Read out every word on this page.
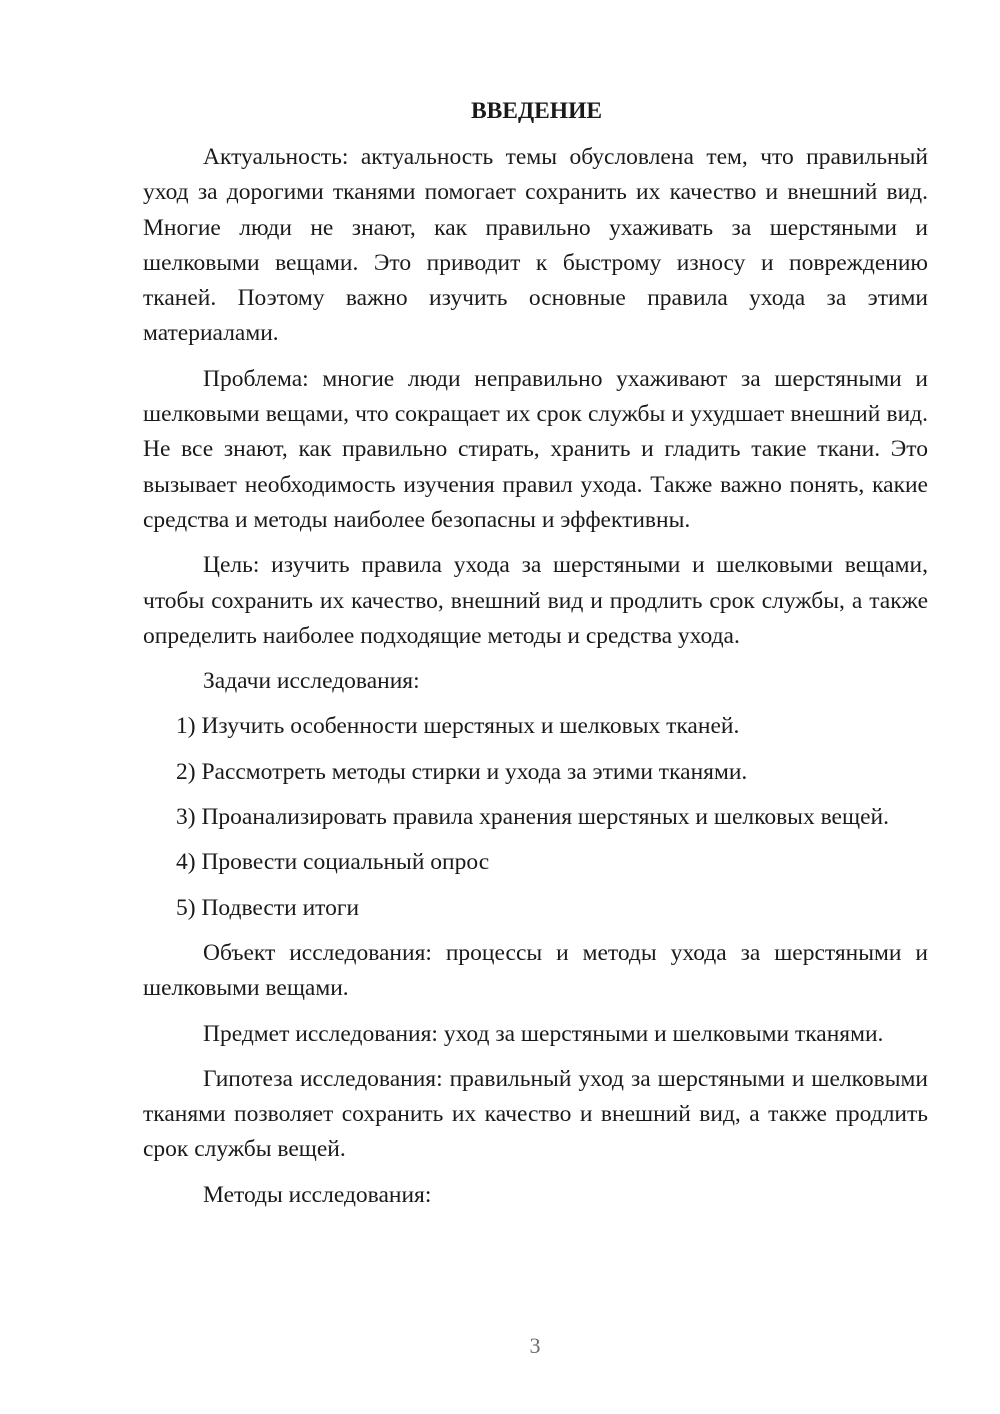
ВВЕДЕНИЕ

Актуальность: актуальность темы обусловлена тем, что правильный уход за дорогими тканями помогает сохранить их качество и внешний вид. Многие люди не знают, как правильно ухаживать за шерстяными и шелковыми вещами. Это приводит к быстрому износу и повреждению тканей. Поэтому важно изучить основные правила ухода за этими материалами.

Проблема: многие люди неправильно ухаживают за шерстяными и шелковыми вещами, что сокращает их срок службы и ухудшает внешний вид. Не все знают, как правильно стирать, хранить и гладить такие ткани. Это вызывает необходимость изучения правил ухода. Также важно понять, какие средства и методы наиболее безопасны и эффективны.

Цель: изучить правила ухода за шерстяными и шелковыми вещами, чтобы сохранить их качество, внешний вид и продлить срок службы, а также определить наиболее подходящие методы и средства ухода.

Задачи исследования:

1) Изучить особенности шерстяных и шелковых тканей.

2) Рассмотреть методы стирки и ухода за этими тканями.

3) Проанализировать правила хранения шерстяных и шелковых вещей.

4) Провести социальный опрос

5) Подвести итоги

Объект исследования: процессы и методы ухода за шерстяными и шелковыми вещами.

Предмет исследования: уход за шерстяными и шелковыми тканями.

Гипотеза исследования: правильный уход за шерстяными и шелковыми тканями позволяет сохранить их качество и внешний вид, а также продлить срок службы вещей.

Методы исследования:

3
